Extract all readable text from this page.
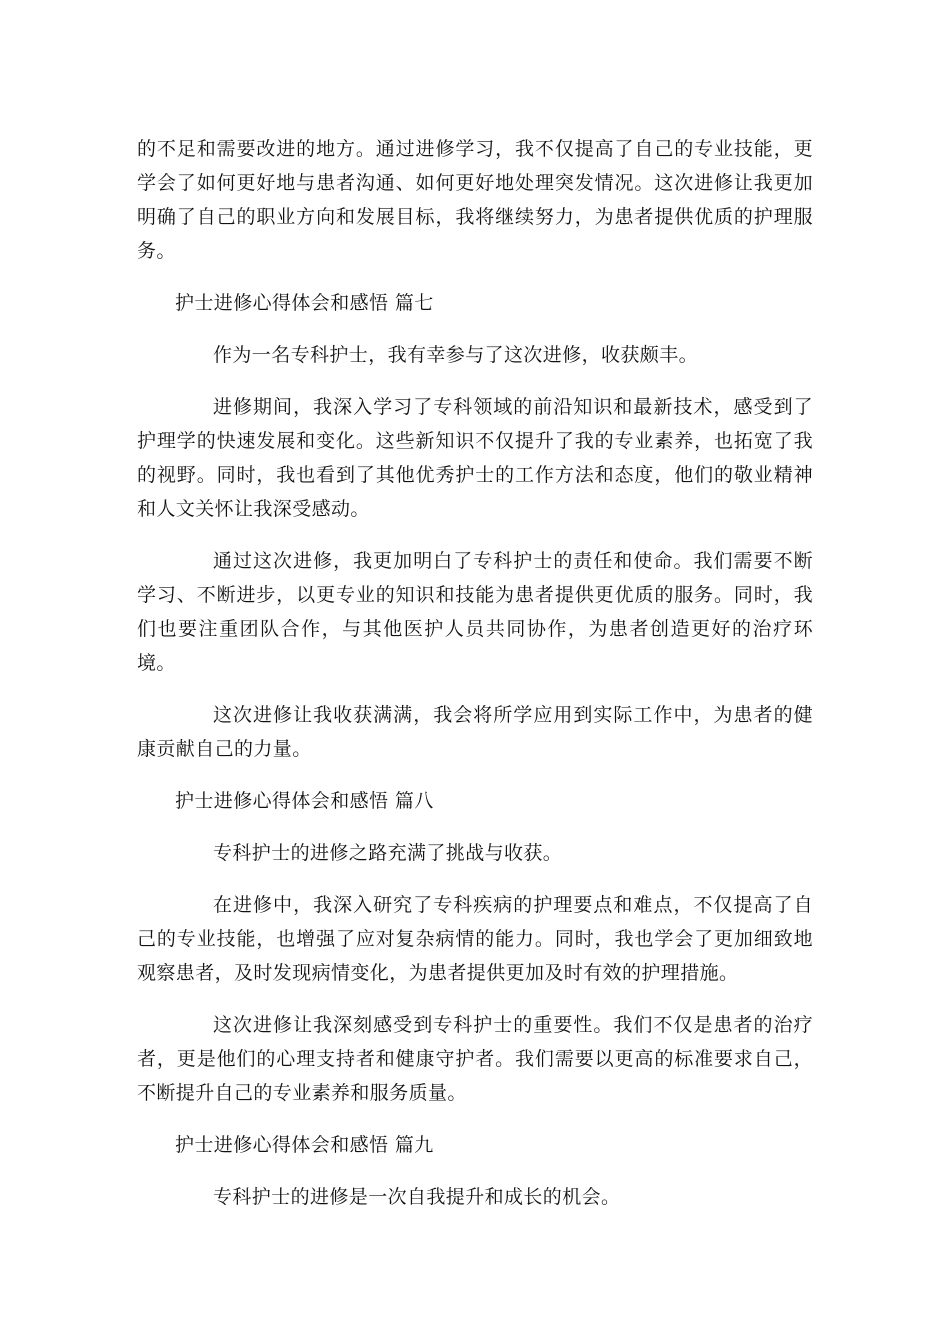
的不足和需要改进的地方。通过进修学习，我不仅提高了自己的专业技能，更学会了如何更好地与患者沟通、如何更好地处理突发情况。这次进修让我更加明确了自己的职业方向和发展目标，我将继续努力，为患者提供优质的护理服务。

护士进修心得体会和感悟 篇七

作为一名专科护士，我有幸参与了这次进修，收获颇丰。

进修期间，我深入学习了专科领域的前沿知识和最新技术，感受到了护理学的快速发展和变化。这些新知识不仅提升了我的专业素养，也拓宽了我的视野。同时，我也看到了其他优秀护士的工作方法和态度，他们的敬业精神和人文关怀让我深受感动。

通过这次进修，我更加明白了专科护士的责任和使命。我们需要不断学习、不断进步，以更专业的知识和技能为患者提供更优质的服务。同时，我们也要注重团队合作，与其他医护人员共同协作，为患者创造更好的治疗环境。

这次进修让我收获满满，我会将所学应用到实际工作中，为患者的健康贡献自己的力量。

护士进修心得体会和感悟 篇八

专科护士的进修之路充满了挑战与收获。

在进修中，我深入研究了专科疾病的护理要点和难点，不仅提高了自己的专业技能，也增强了应对复杂病情的能力。同时，我也学会了更加细致地观察患者，及时发现病情变化，为患者提供更加及时有效的护理措施。

这次进修让我深刻感受到专科护士的重要性。我们不仅是患者的治疗者，更是他们的心理支持者和健康守护者。我们需要以更高的标准要求自己，不断提升自己的专业素养和服务质量。

护士进修心得体会和感悟 篇九

专科护士的进修是一次自我提升和成长的机会。
